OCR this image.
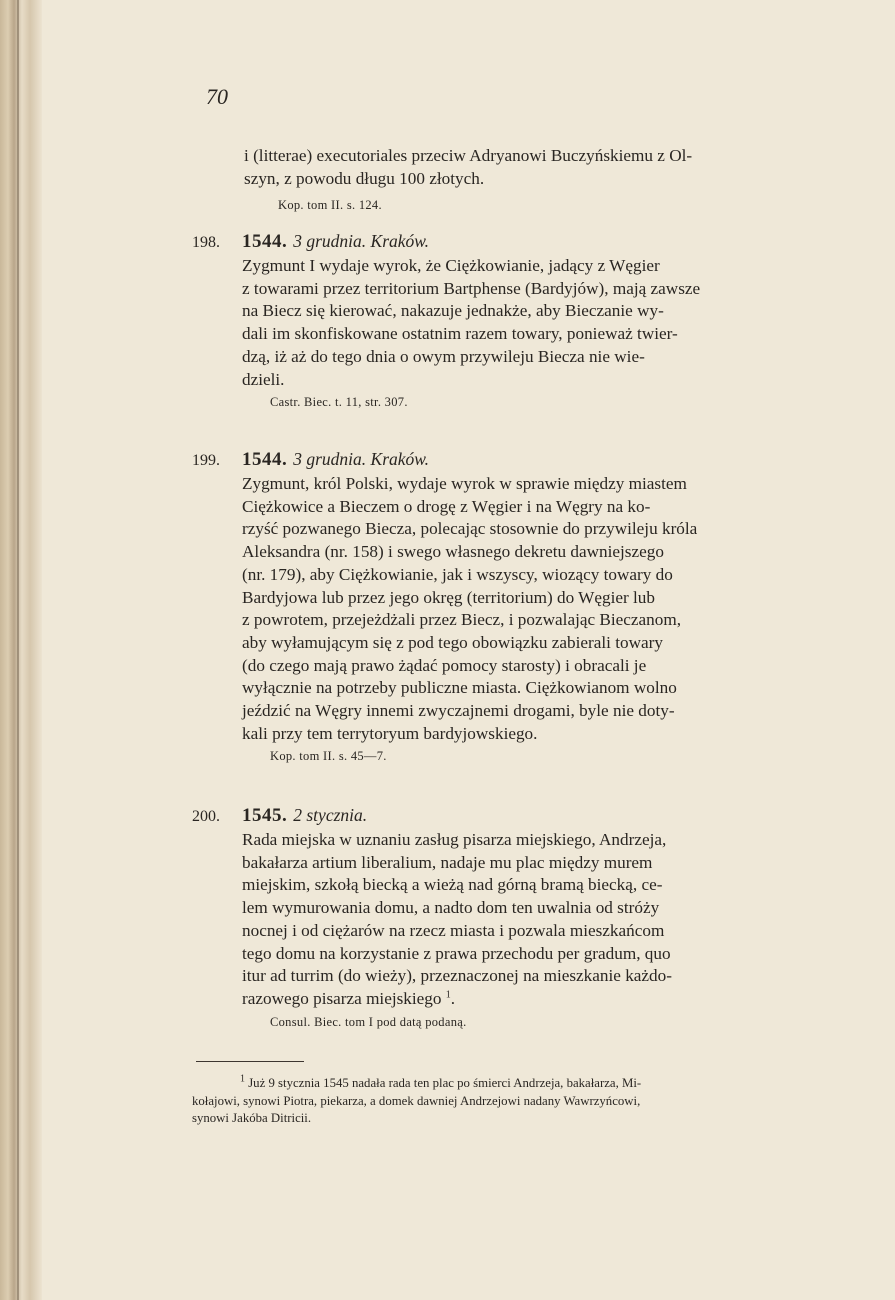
70
i (litterae) executoriales przeciw Adryanowi Buczyńskiemu z Ol-
szyn, z powodu długu 100 złotych.
Kop. tom II. s. 124.
198. 1544. 3 grudnia. Kraków.
Zygmunt I wydaje wyrok, że Ciężkowianie, jadący z Węgier
z towarami przez territorium Bartphense (Bardyjów), mają zawsze
na Biecz się kierować, nakazuje jednakże, aby Bieczanie wy-
dali im skonfiskowane ostatnim razem towary, ponieważ twier-
dzą, iż aż do tego dnia o owym przywileju Biecza nie wie-
dzieli.
Castr. Biec. t. 11, str. 307.
199. 1544. 3 grudnia. Kraków.
Zygmunt, król Polski, wydaje wyrok w sprawie między miastem
Ciężkowice a Bieczem o drogę z Węgier i na Węgry na ko-
rzyść pozwanego Biecza, polecając stosownie do przywileju króla
Aleksandra (nr. 158) i swego własnego dekretu dawniejszego
(nr. 179), aby Ciężkowianie, jak i wszyscy, wiozący towary do
Bardyjowa lub przez jego okręg (territorium) do Węgier lub
z powrotem, przejeżdżali przez Biecz, i pozwalając Bieczanom,
aby wyłamującym się z pod tego obowiązku zabierali towary
(do czego mają prawo żądać pomocy starosty) i obracali je
wyłącznie na potrzeby publiczne miasta. Ciężkowianom wolno
jeździć na Węgry innemi zwyczajnemi drogami, byle nie doty-
kali przy tem terrytoryum bardyjowskiego.
Kop. tom II. s. 45—7.
200. 1545. 2 stycznia.
Rada miejska w uznaniu zasług pisarza miejskiego, Andrzeja,
bakałarza artium liberalium, nadaje mu plac między murem
miejskim, szkołą biecką a wieżą nad górną bramą biecką, ce-
lem wymurowania domu, a nadto dom ten uwalnia od stróży
nocnej i od ciężarów na rzecz miasta i pozwala mieszkańcom
tego domu na korzystanie z prawa przechodu per gradum, quo
itur ad turrim (do wieży), przeznaczonej na mieszkanie każdo-
razowego pisarza miejskiego $^1$.
Consul. Biec. tom I pod datą podaną.
$^1$ Już 9 stycznia 1545 nadała rada ten plac po śmierci Andrzeja, bakałarza, Mi-
kołajowi, synowi Piotra, piekarza, a domek dawniej Andrzejowi nadany Wawrzyńcowi,
synowi Jakóba Ditricii.
